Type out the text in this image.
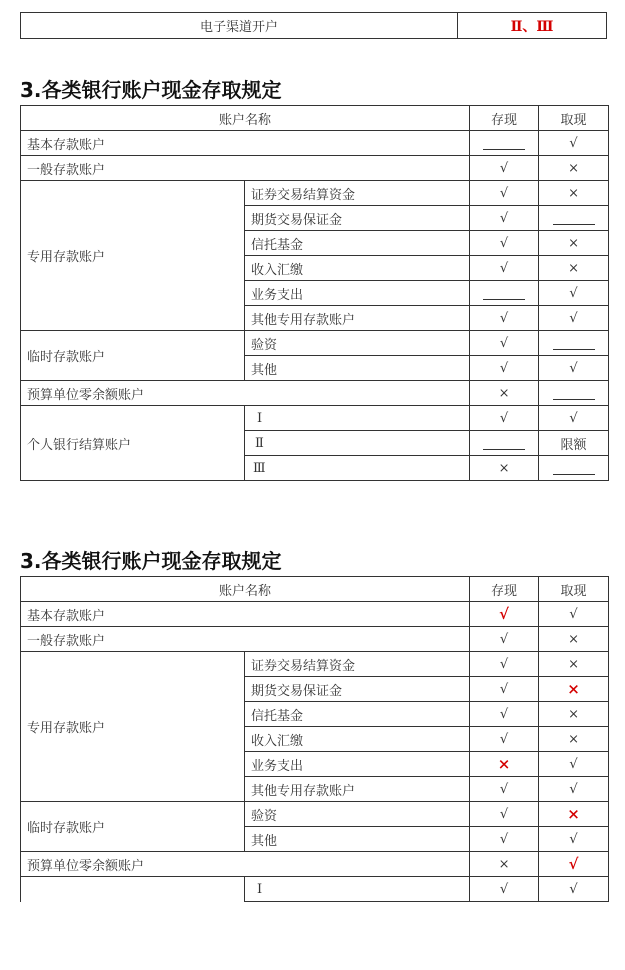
电子渠道开户	Ⅱ、Ⅲ
3.各类银行账户现金存取规定
账户名称		存现	取现
基本存款账户			√
一般存款账户		√	×
专用存款账户	证券交易结算资金	√	×
	期货交易保证金	√	
	信托基金	√	×
	收入汇缴	√	×
	业务支出		√
	其他专用存款账户	√	√
临时存款账户	验资	√	
	其他	√	√
预算单位零余额账户		×	
个人银行结算账户	Ⅰ	√	√
	Ⅱ		限额
	Ⅲ	×	
3.各类银行账户现金存取规定
账户名称		存现	取现
基本存款账户		√	√
一般存款账户		√	×
专用存款账户	证券交易结算资金	√	×
	期货交易保证金	√	×
	信托基金	√	×
	收入汇缴	√	×
	业务支出	×	√
	其他专用存款账户	√	√
临时存款账户	验资	√	×
	其他	√	√
预算单位零余额账户		×	√
	Ⅰ	√	√
